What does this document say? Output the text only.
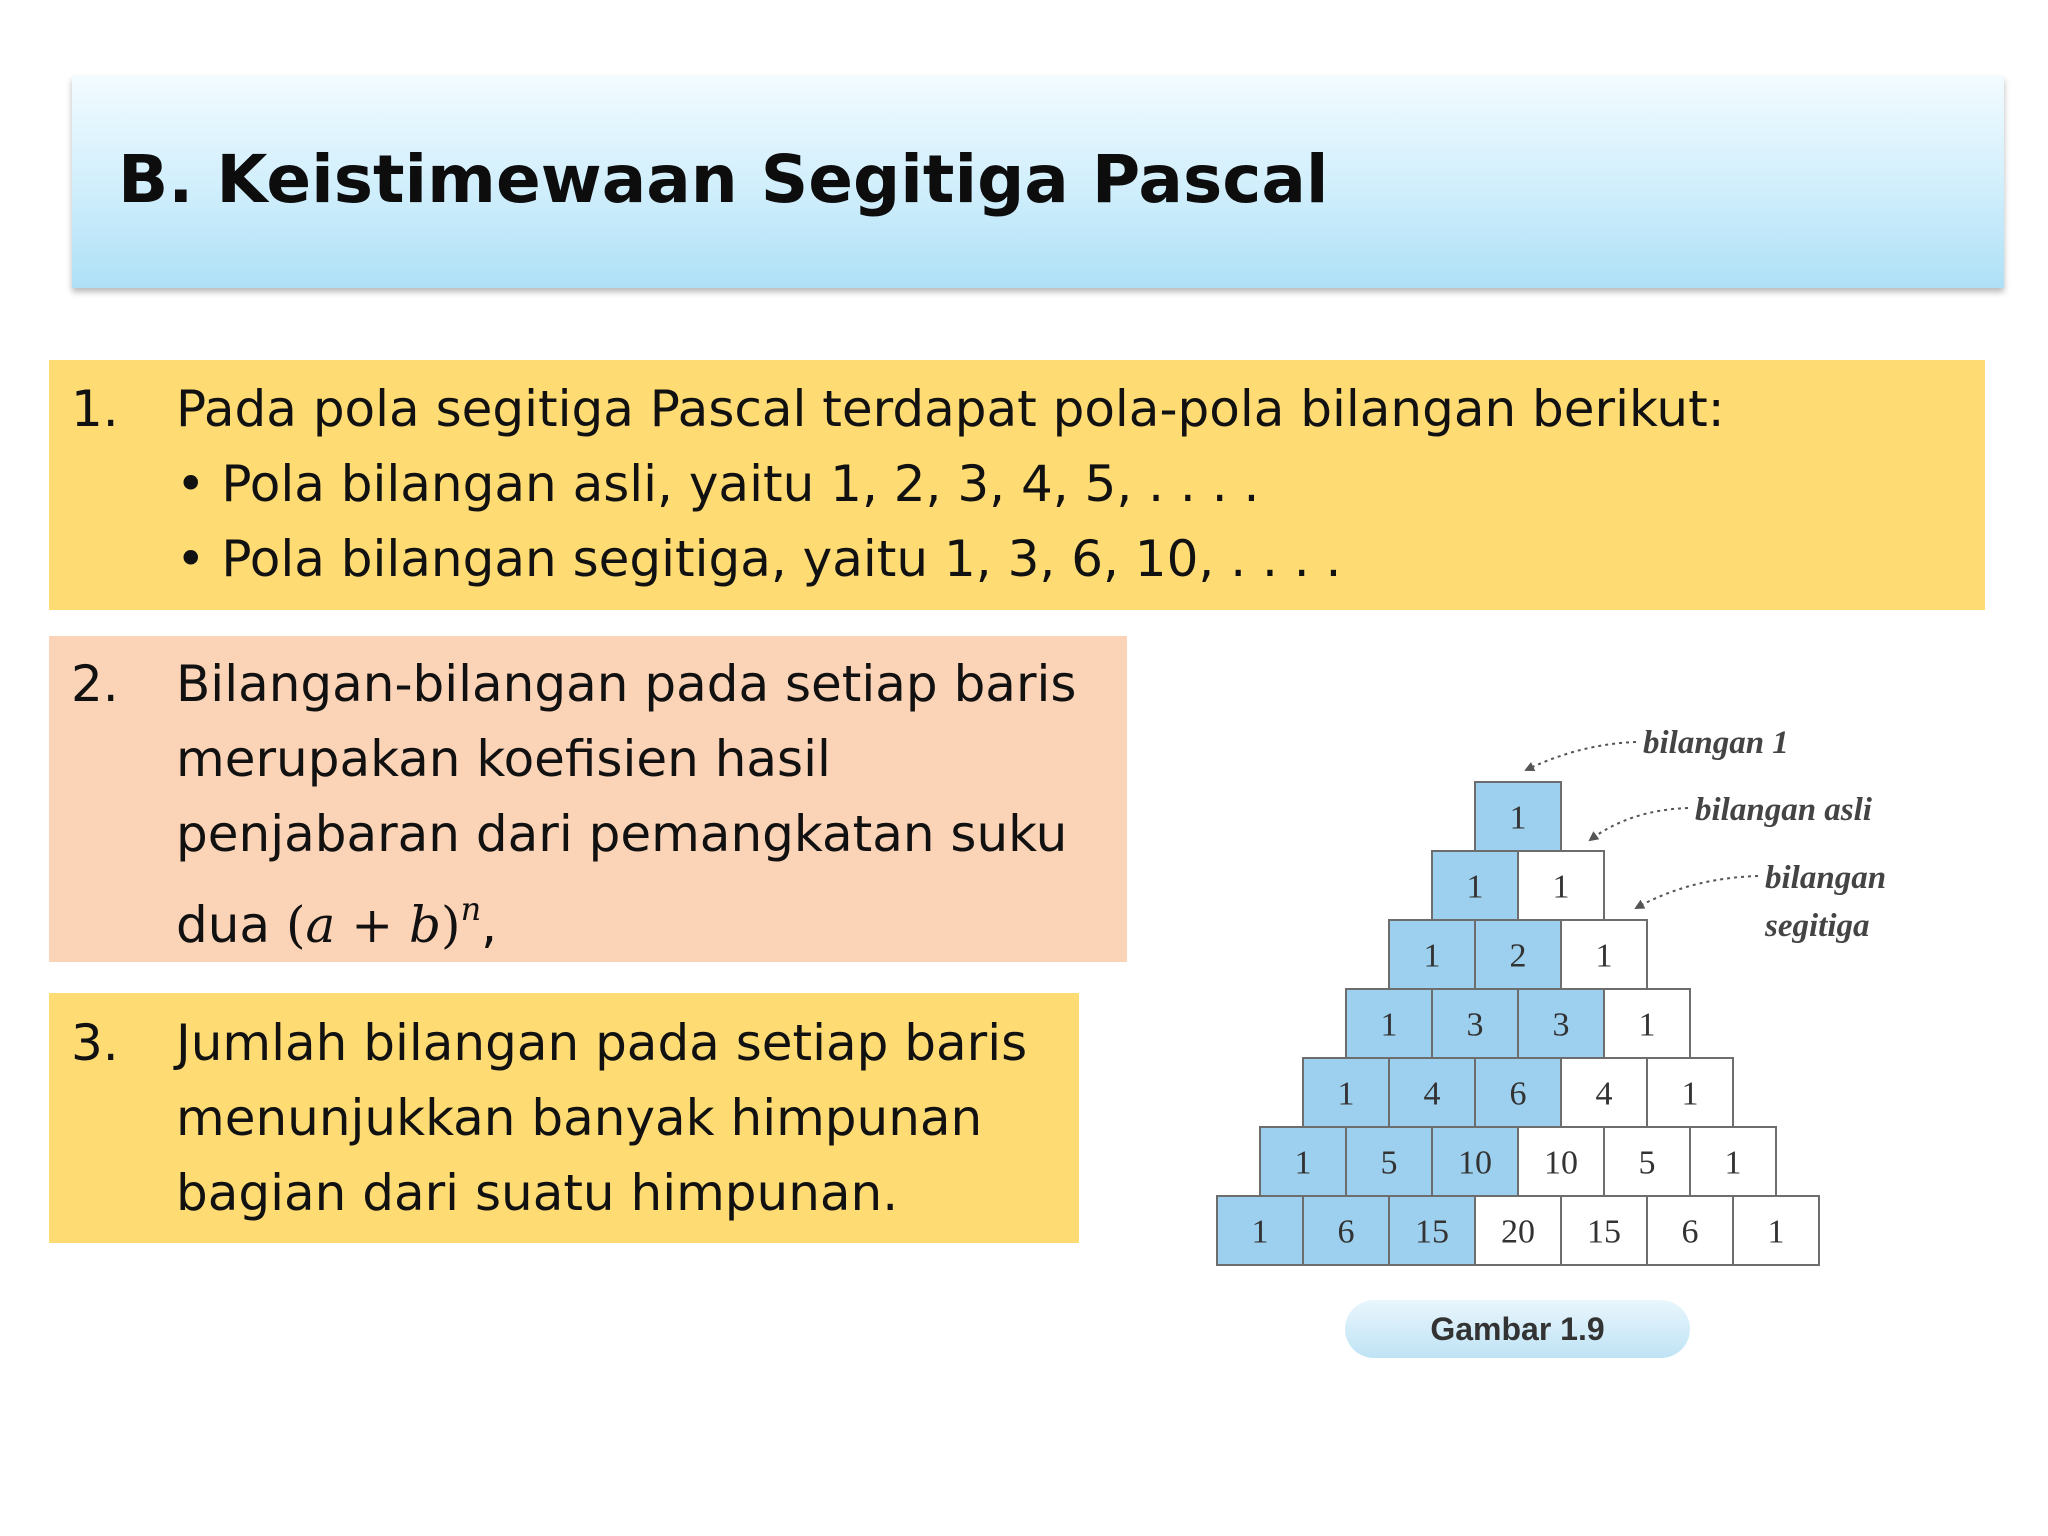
B. Keistimewaan Segitiga Pascal
1. Pada pola segitiga Pascal terdapat pola-pola bilangan berikut:
• Pola bilangan asli, yaitu 1, 2, 3, 4, 5, . . . .
• Pola bilangan segitiga, yaitu 1, 3, 6, 10, . . . .
2. Bilangan-bilangan pada setiap baris
merupakan koefisien hasil
penjabaran dari pemangkatan suku
dua $(a + b)^n$,
3. Jumlah bilangan pada setiap baris
menunjukkan banyak himpunan
bagian dari suatu himpunan.
1
1 1
1 2 1
1 3 3 1
1 4 6 4 1
1 5 10 10 5 1
1 6 15 20 15 6 1
bilangan 1
bilangan asli
bilangan
segitiga
Gambar 1.9
